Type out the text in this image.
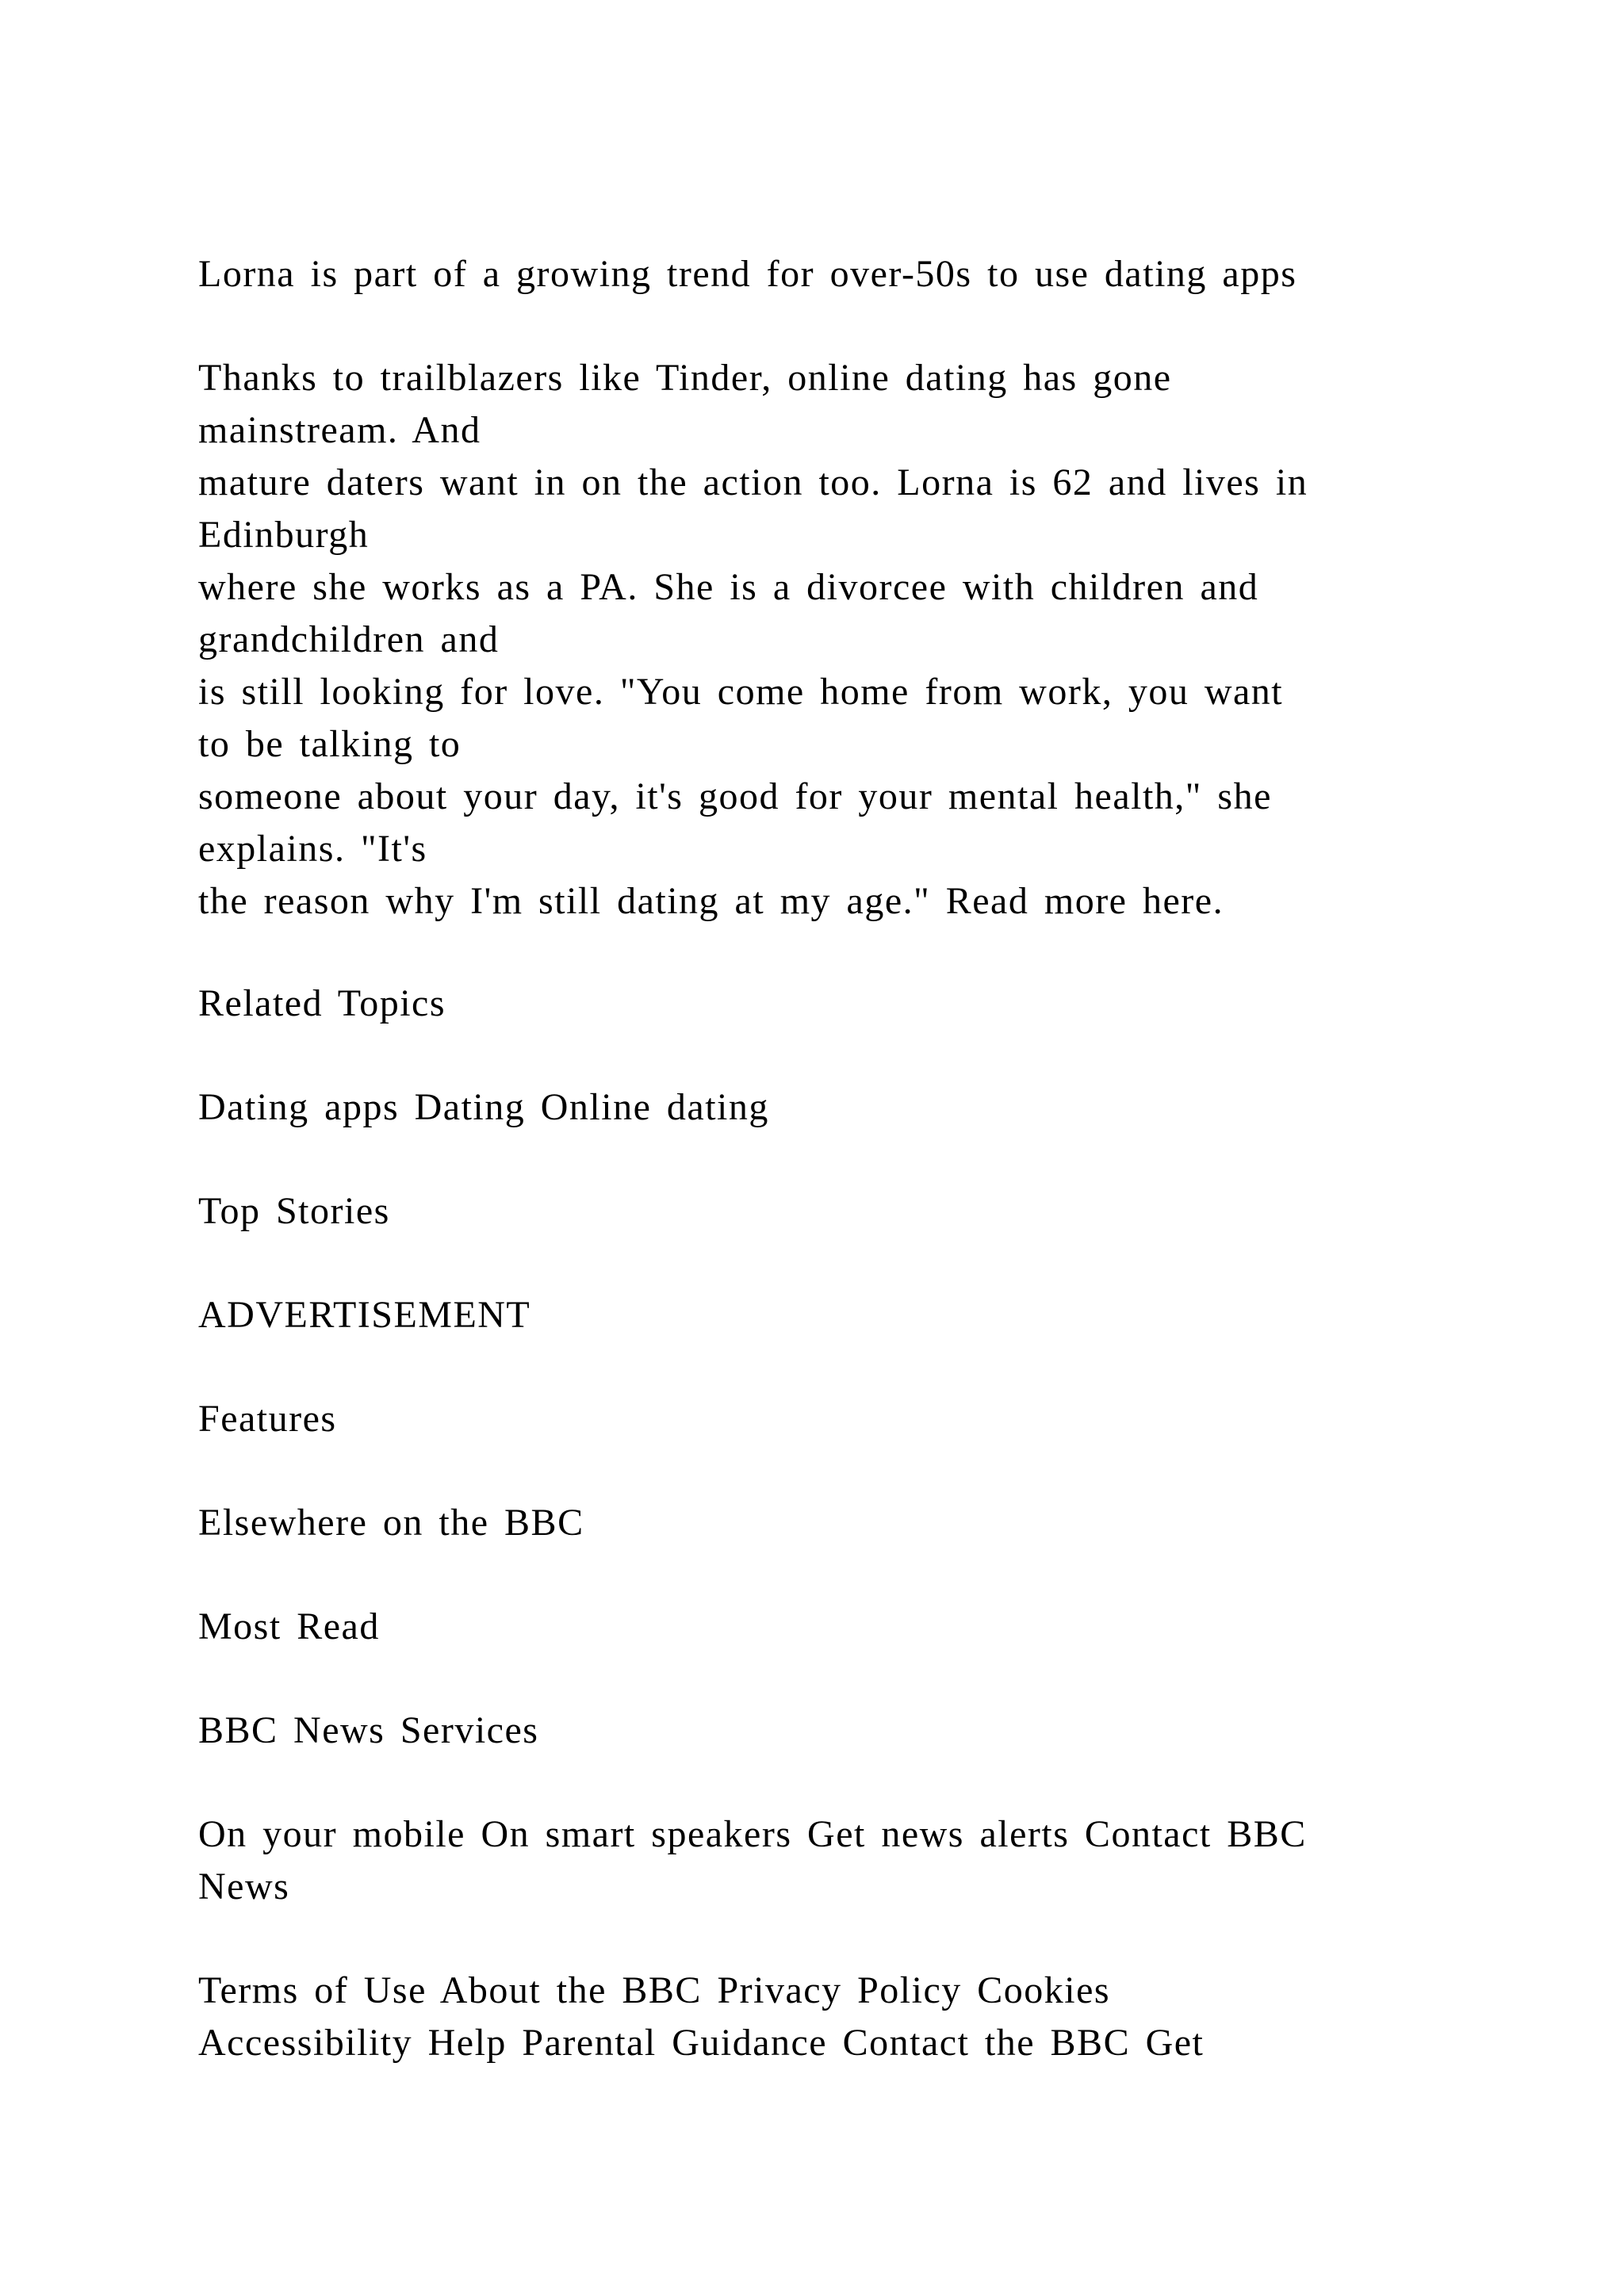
Lorna is part of a growing trend for over-50s to use dating apps
Thanks to trailblazers like Tinder, online dating has gone
mainstream. And
mature daters want in on the action too. Lorna is 62 and lives in
Edinburgh
where she works as a PA. She is a divorcee with children and
grandchildren and
is still looking for love. "You come home from work, you want
to be talking to
someone about your day, it's good for your mental health," she
explains. "It's
the reason why I'm still dating at my age." Read more here.
Related Topics
Dating apps Dating Online dating
Top Stories
ADVERTISEMENT
Features
Elsewhere on the BBC
Most Read
BBC News Services
On your mobile On smart speakers Get news alerts Contact BBC
News
Terms of Use About the BBC Privacy Policy Cookies
Accessibility Help Parental Guidance Contact the BBC Get
